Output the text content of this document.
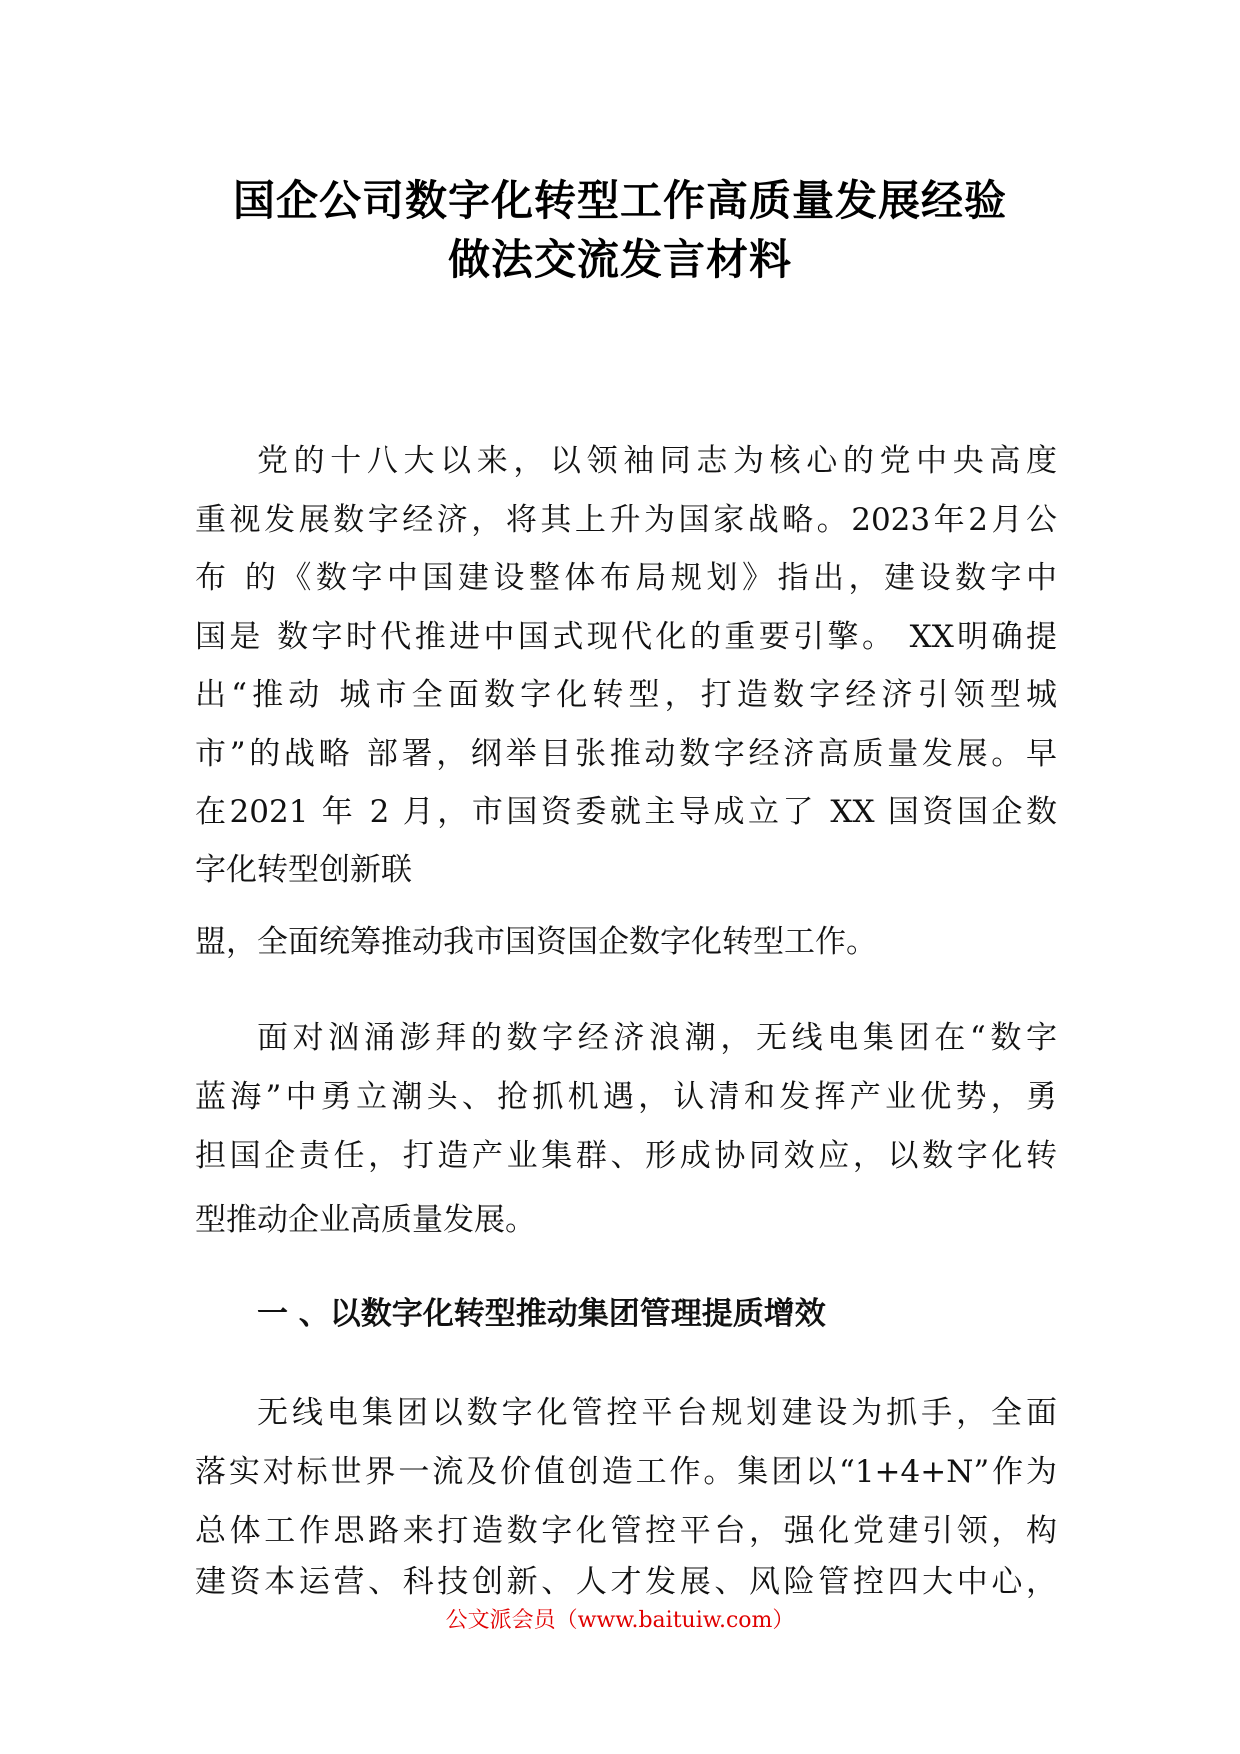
国企公司数字化转型工作高质量发展经验
做法交流发言材料

党的十八大以来，以领袖同志为核心的党中央高度

重视发展数字经济，将其上升为国家战略。2023年2月公

布 的《数字中国建设整体布局规划》指出，建设数字中

国是 数字时代推进中国式现代化的重要引擎。 XX明确提

出“推动 城市全面数字化转型，打造数字经济引领型城

市”的战略 部署，纲举目张推动数字经济高质量发展。早

在2021 年 2 月，市国资委就主导成立了 XX 国资国企数

字化转型创新联

盟，全面统筹推动我市国资国企数字化转型工作。

面对汹涌澎拜的数字经济浪潮，无线电集团在“数字

蓝海”中勇立潮头、抢抓机遇，认清和发挥产业优势，勇

担国企责任，打造产业集群、形成协同效应，以数字化转

型推动企业高质量发展。

一 、以数字化转型推动集团管理提质增效

无线电集团以数字化管控平台规划建设为抓手，全面

落实对标世界一流及价值创造工作。集团以“1+4+N”作为

总体工作思路来打造数字化管控平台，强化党建引领，构

建资本运营、科技创新、人才发展、风险管控四大中心，

公文派会员（www.baituiw.com）
